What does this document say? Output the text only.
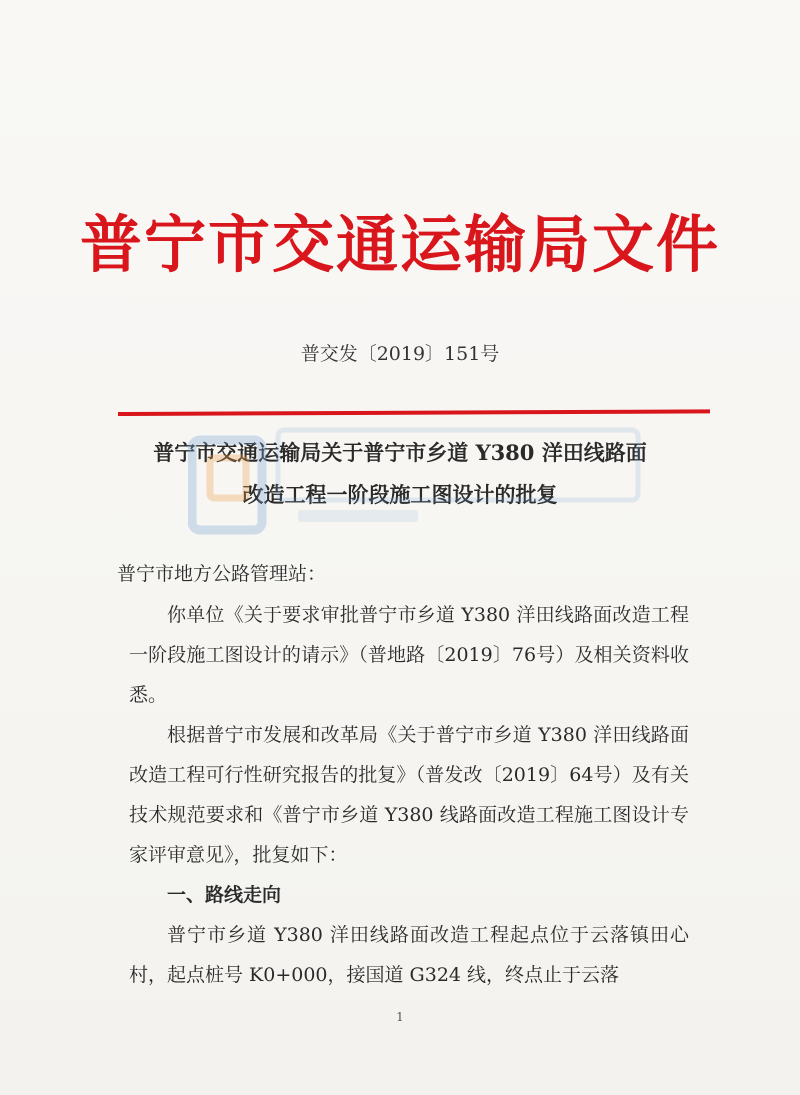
普宁市交通运输局文件
普交发〔2019〕151号
普宁市交通运输局关于普宁市乡道 Y380 洋田线路面
改造工程一阶段施工图设计的批复
普宁市地方公路管理站：

你单位《关于要求审批普宁市乡道 Y380 洋田线路面改造工程一阶段施工图设计的请示》（普地路〔2019〕76号）及相关资料收悉。

根据普宁市发展和改革局《关于普宁市乡道 Y380 洋田线路面改造工程可行性研究报告的批复》（普发改〔2019〕64号）及有关技术规范要求和《普宁市乡道 Y380 线路面改造工程施工图设计专家评审意见》，批复如下：

一、路线走向

普宁市乡道 Y380 洋田线路面改造工程起点位于云落镇田心村，起点桩号 K0+000，接国道 G324 线，终点止于云落

1
